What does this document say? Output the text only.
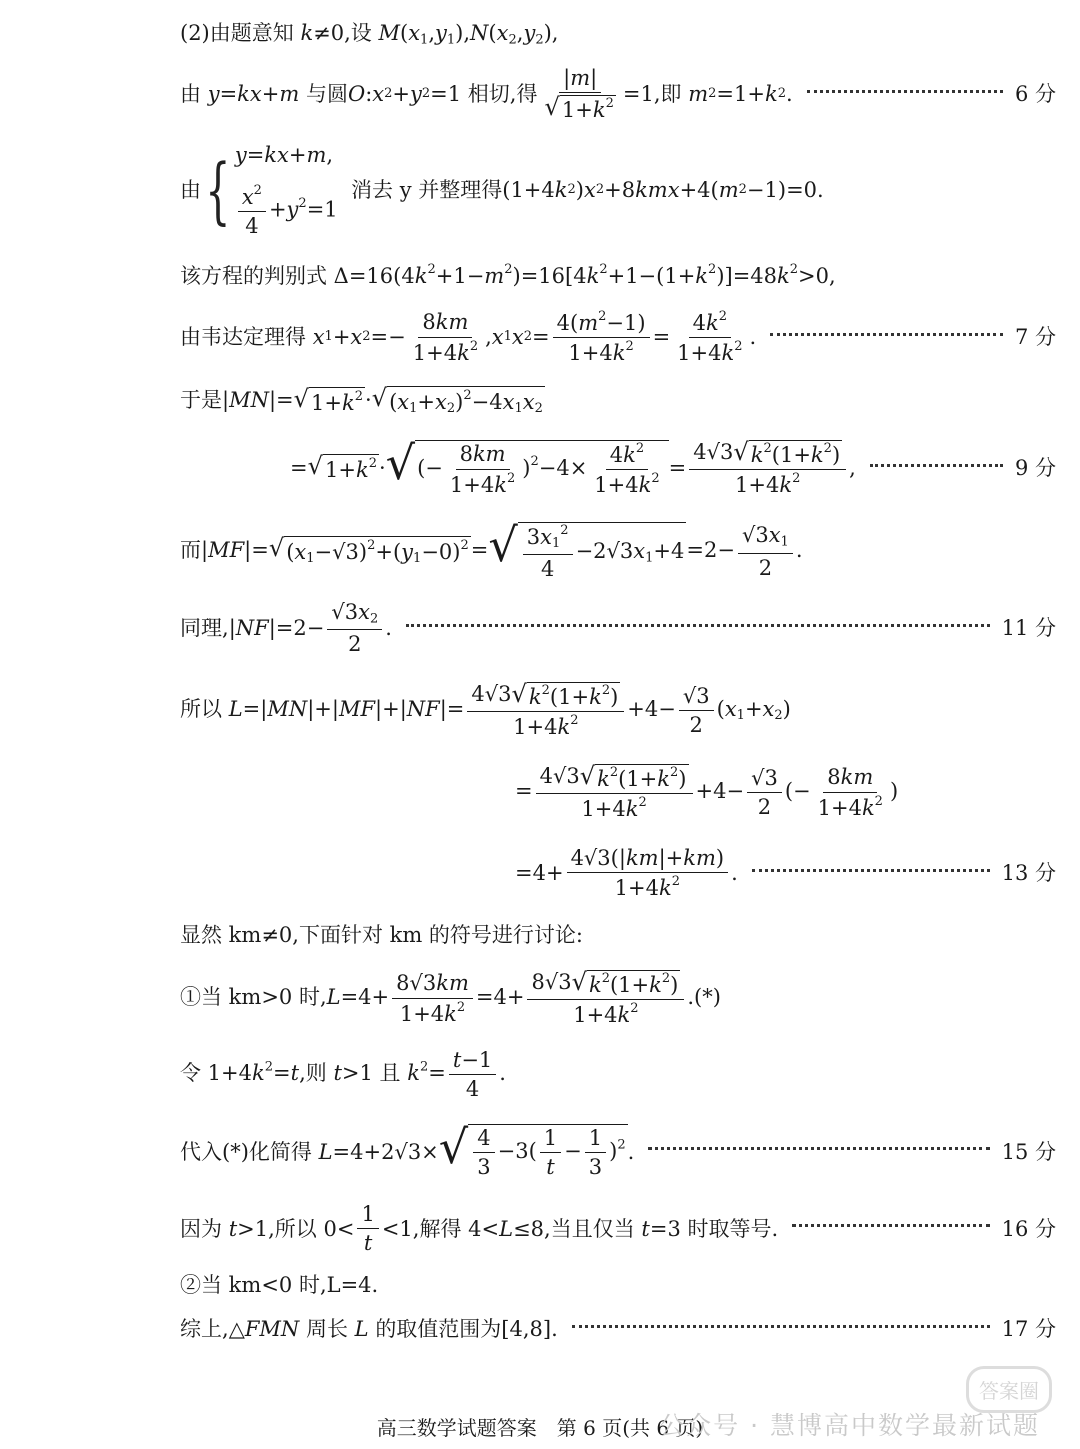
(2)由题意知 k≠0,设 $M(x_1,y_1),N(x_2,y_2)$,
由
y = kx + m
与圆 O : x 2 + y 2 =1 相切,得 $\frac{|m|}{√ 1+k^2} =1$ ,即
m 2 =1+ k 2 .	6 分
由 { y=kx+m,
$\frac{x^2}{4} +y^2=1$

消去 y 并整理得 (1+4 k 2 ) x 2 +8 kmx +4( m 2 −1)=0.
该方程的判别式 $\Delta=16(4k^2+1-m^2)=16[4k^2+1-(1+k^2)]=48k^2>0$,
由韦达定理得
x 1 + x $2 =- \frac{8km}{1+4k^2}$ , x 1 x $2 = \frac{4(m^2-1)}{1+4k^2} = \frac{4k^2}{1+4k^2}$ .	7 分
于是|MN|= √ $1+k^2$ · √ $(x_1+x_2)^2-4x_1x_2$
= √ $1+k^2$ · √ (− $\frac{8km}{1+4k^2} )^2-4\times \frac{4k^2}{1+4k^2} = \frac{4√3 √ k^2(1+k^2)}{1+4k^2}$ ,	9 分
而|MF|= √ $(x_1-√3)^2+(y_1-0)^2$ = √ $\frac{3x_1^2}{4} -2√3x_1+4 =2- \frac{√3x_1}{2}$ .
同理, | NF $|=2- \frac{√3x_2}{2}$ .	11 分
所以 $L=|MN|+|MF|+|NF|= \frac{4√3 √ k^2(1+k^2)}{1+4k^2} +4- \frac{√3}{2} (x_1+x_2)$
= $\frac{4√3 √ k^2(1+k^2)}{1+4k^2} +4- \frac{√3}{2}$ (− $\frac{8km}{1+4k^2}$ )
$=4+ \frac{4√3(|km|+km)}{1+4k^2}$ .	13 分
显然 km≠0,下面针对 km 的符号进行讨论:
①当 km>0 时$,L=4+ \frac{8√3km}{1+4k^2} =4+ \frac{8√3 √ k^2(1+k^2)}{1+4k^2}$ .(*)
令 $1+4k^2=t$,则 t>1 且 $k^2= \frac{t-1}{4}$ .
代入(*)化简得
L =4+2√3× √ $\frac{4}{3} -3( \frac{1}{t} - \frac{1}{3} )^2$ .	15 分
因为
t >1 ,所以 $0< \frac{1}{t} <1$ ,解得 4< L ≤8 ,当且仅当
t =3 时取等号.	16 分
②当 km<0 时,L=4.
综上, △ FMN
周长
L
的取值范围为[4,8].	17 分
高三数学试题答案　第 6 页(共 6 页)
公众号 · 慧博高中数学最新试题
答案圈
